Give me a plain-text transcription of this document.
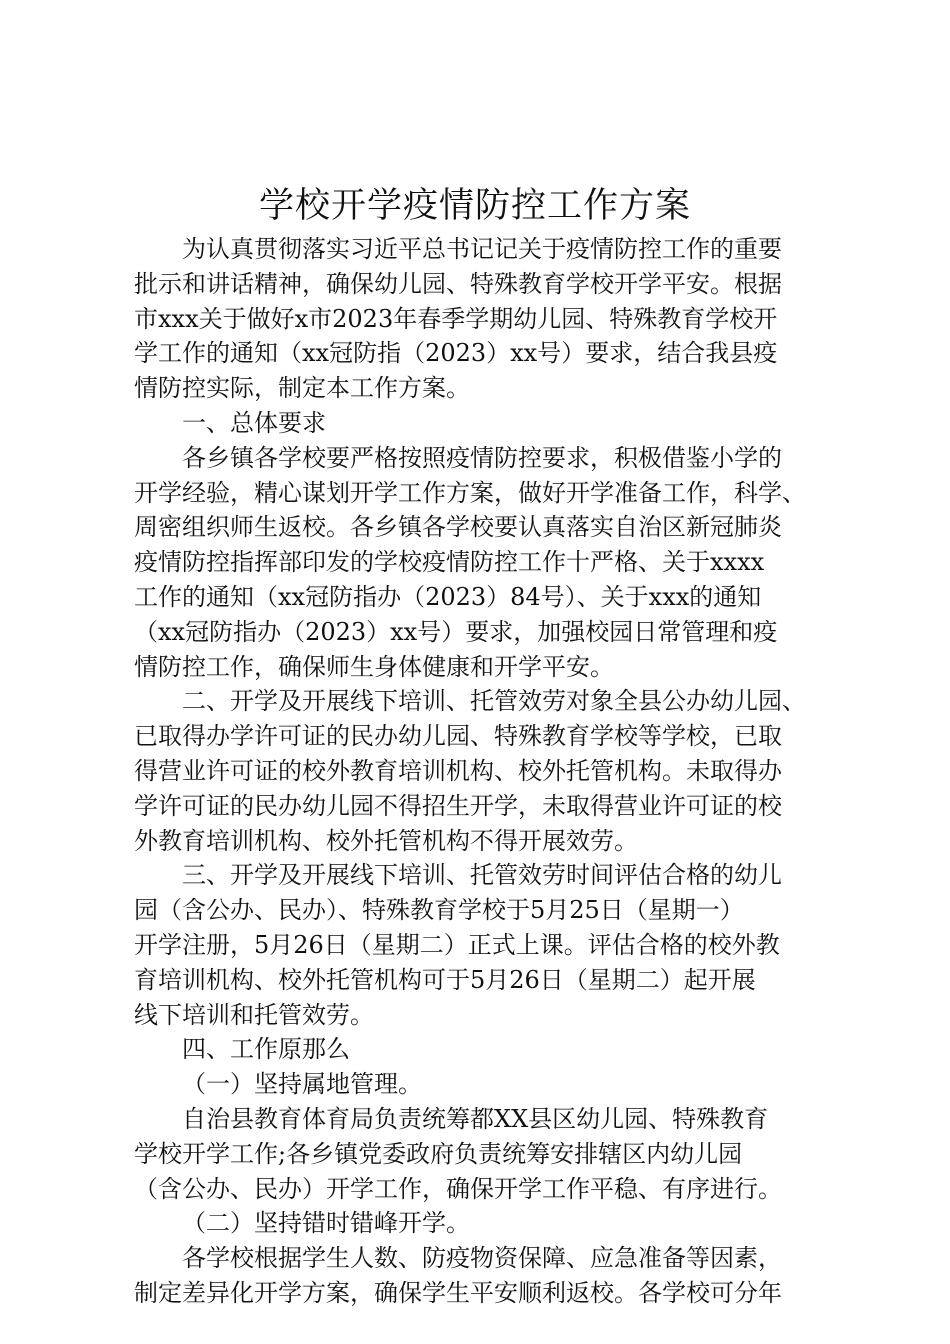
学校开学疫情防控工作方案
为认真贯彻落实习近平总书记记关于疫情防控工作的重要
批示和讲话精神，确保幼儿园、特殊教育学校开学平安。根据
市xxx关于做好x市2023年春季学期幼儿园、特殊教育学校开
学工作的通知（xx冠防指（2023）xx号）要求，结合我县疫
情防控实际，制定本工作方案。
一、总体要求
各乡镇各学校要严格按照疫情防控要求，积极借鉴小学的
开学经验，精心谋划开学工作方案，做好开学准备工作，科学、
周密组织师生返校。各乡镇各学校要认真落实自治区新冠肺炎
疫情防控指挥部印发的学校疫情防控工作十严格、关于xxxx
工作的通知（xx冠防指办（2023）84号）、关于xxx的通知
（xx冠防指办（2023）xx号）要求，加强校园日常管理和疫
情防控工作，确保师生身体健康和开学平安。
二、开学及开展线下培训、托管效劳对象全县公办幼儿园、
已取得办学许可证的民办幼儿园、特殊教育学校等学校，已取
得营业许可证的校外教育培训机构、校外托管机构。未取得办
学许可证的民办幼儿园不得招生开学，未取得营业许可证的校
外教育培训机构、校外托管机构不得开展效劳。
三、开学及开展线下培训、托管效劳时间评估合格的幼儿
园（含公办、民办）、特殊教育学校于5月25日（星期一）
开学注册，5月26日（星期二）正式上课。评估合格的校外教
育培训机构、校外托管机构可于5月26日（星期二）起开展
线下培训和托管效劳。
四、工作原那么
（一）坚持属地管理。
自治县教育体育局负责统筹都XX县区幼儿园、特殊教育
学校开学工作;各乡镇党委政府负责统筹安排辖区内幼儿园
（含公办、民办）开学工作，确保开学工作平稳、有序进行。
（二）坚持错时错峰开学。
各学校根据学生人数、防疫物资保障、应急准备等因素，
制定差异化开学方案，确保学生平安顺利返校。各学校可分年
